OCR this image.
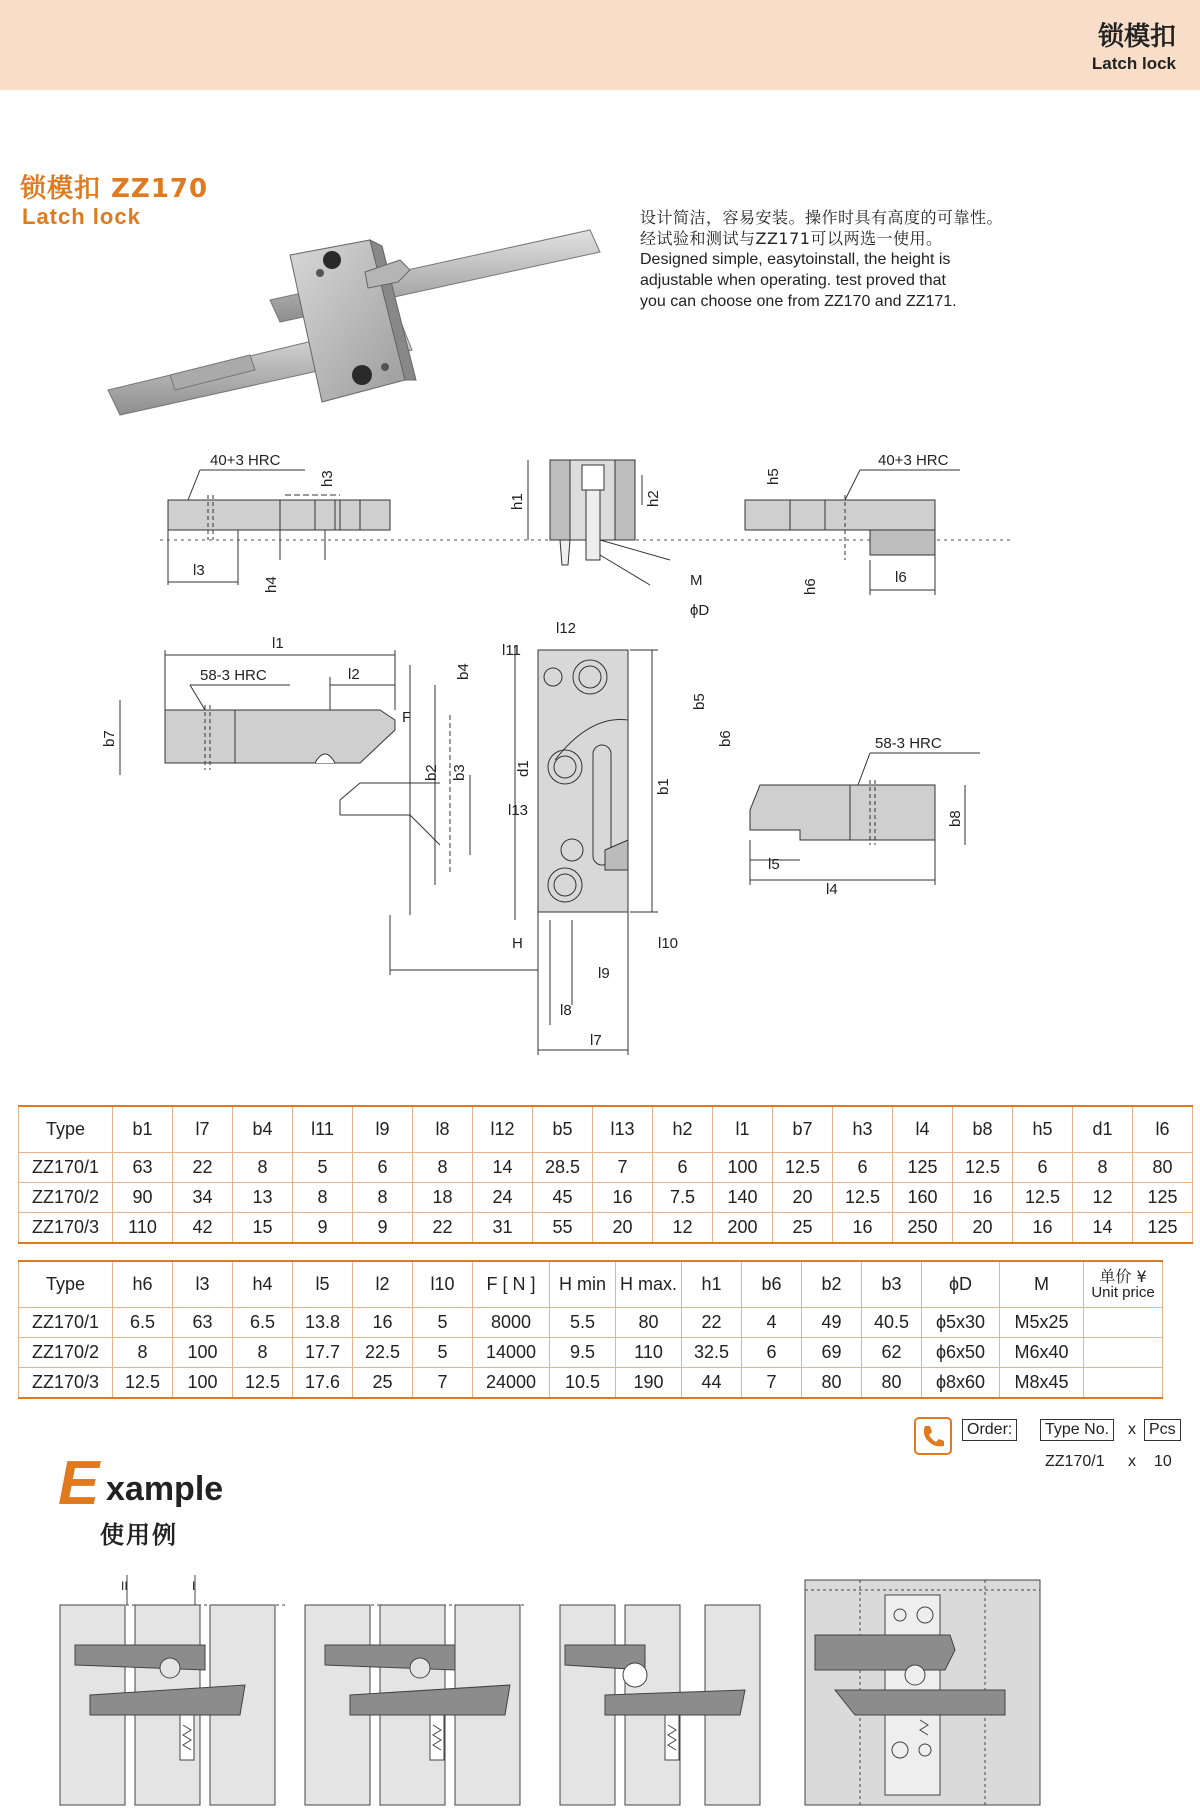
锁模扣
Latch lock
锁模扣 ZZ170
Latch lock	设计简洁，容易安装。操作时具有高度的可靠性。
经试验和测试与ZZ171可以两选一使用。
Designed simple, easytoinstall, the height is
adjustable when operating. test proved that
you can choose one from ZZ170 and ZZ171.
40+3 HRC
h3
l3
h4
h1	h2
M
ϕD
40+3 HRC
h5
h6
l6
l1
58-3 HRC	l2
F
b7
l12
l11
b4
b5
b6
d1
b2 b3
b1
l13
H	l10
l9
l8
l7
58-3 HRC
b8
l5
l4
Type	b1	l7	b4	l11	l9	l8	l12	b5	l13	h2	l1	b7	h3	l4	b8	h5	d1	l6
ZZ170/1	63	22	8	5	6	8	14	28.5	7	6	100	12.5	6	125	12.5	6	8	80
ZZ170/2	90	34	13	8	8	18	24	45	16	7.5	140	20	12.5	160	16	12.5	12	125
ZZ170/3	110	42	15	9	9	22	31	55	20	12	200	25	16	250	20	16	14	125
Type	h6	l3	h4	l5	l2	l10	F [ N ]	H min	H max.	h1	b6	b2	b3	ϕD	M	单价 ¥
Unit price

ZZ170/1	6.5	63	6.5	13.8	16	5	8000	5.5	80	22	4	49	40.5	ϕ5x30	M5x25	
ZZ170/2	8	100	8	17.7	22.5	5	14000	9.5	110	32.5	6	69	62	ϕ6x50	M6x40	
ZZ170/3	12.5	100	12.5	17.6	25	7	24000	10.5	190	44	7	80	80	ϕ8x60	M8x45	
Order:	Type No.	x Pcs
ZZ170/1 x 10
E xample
使用例
II	I
